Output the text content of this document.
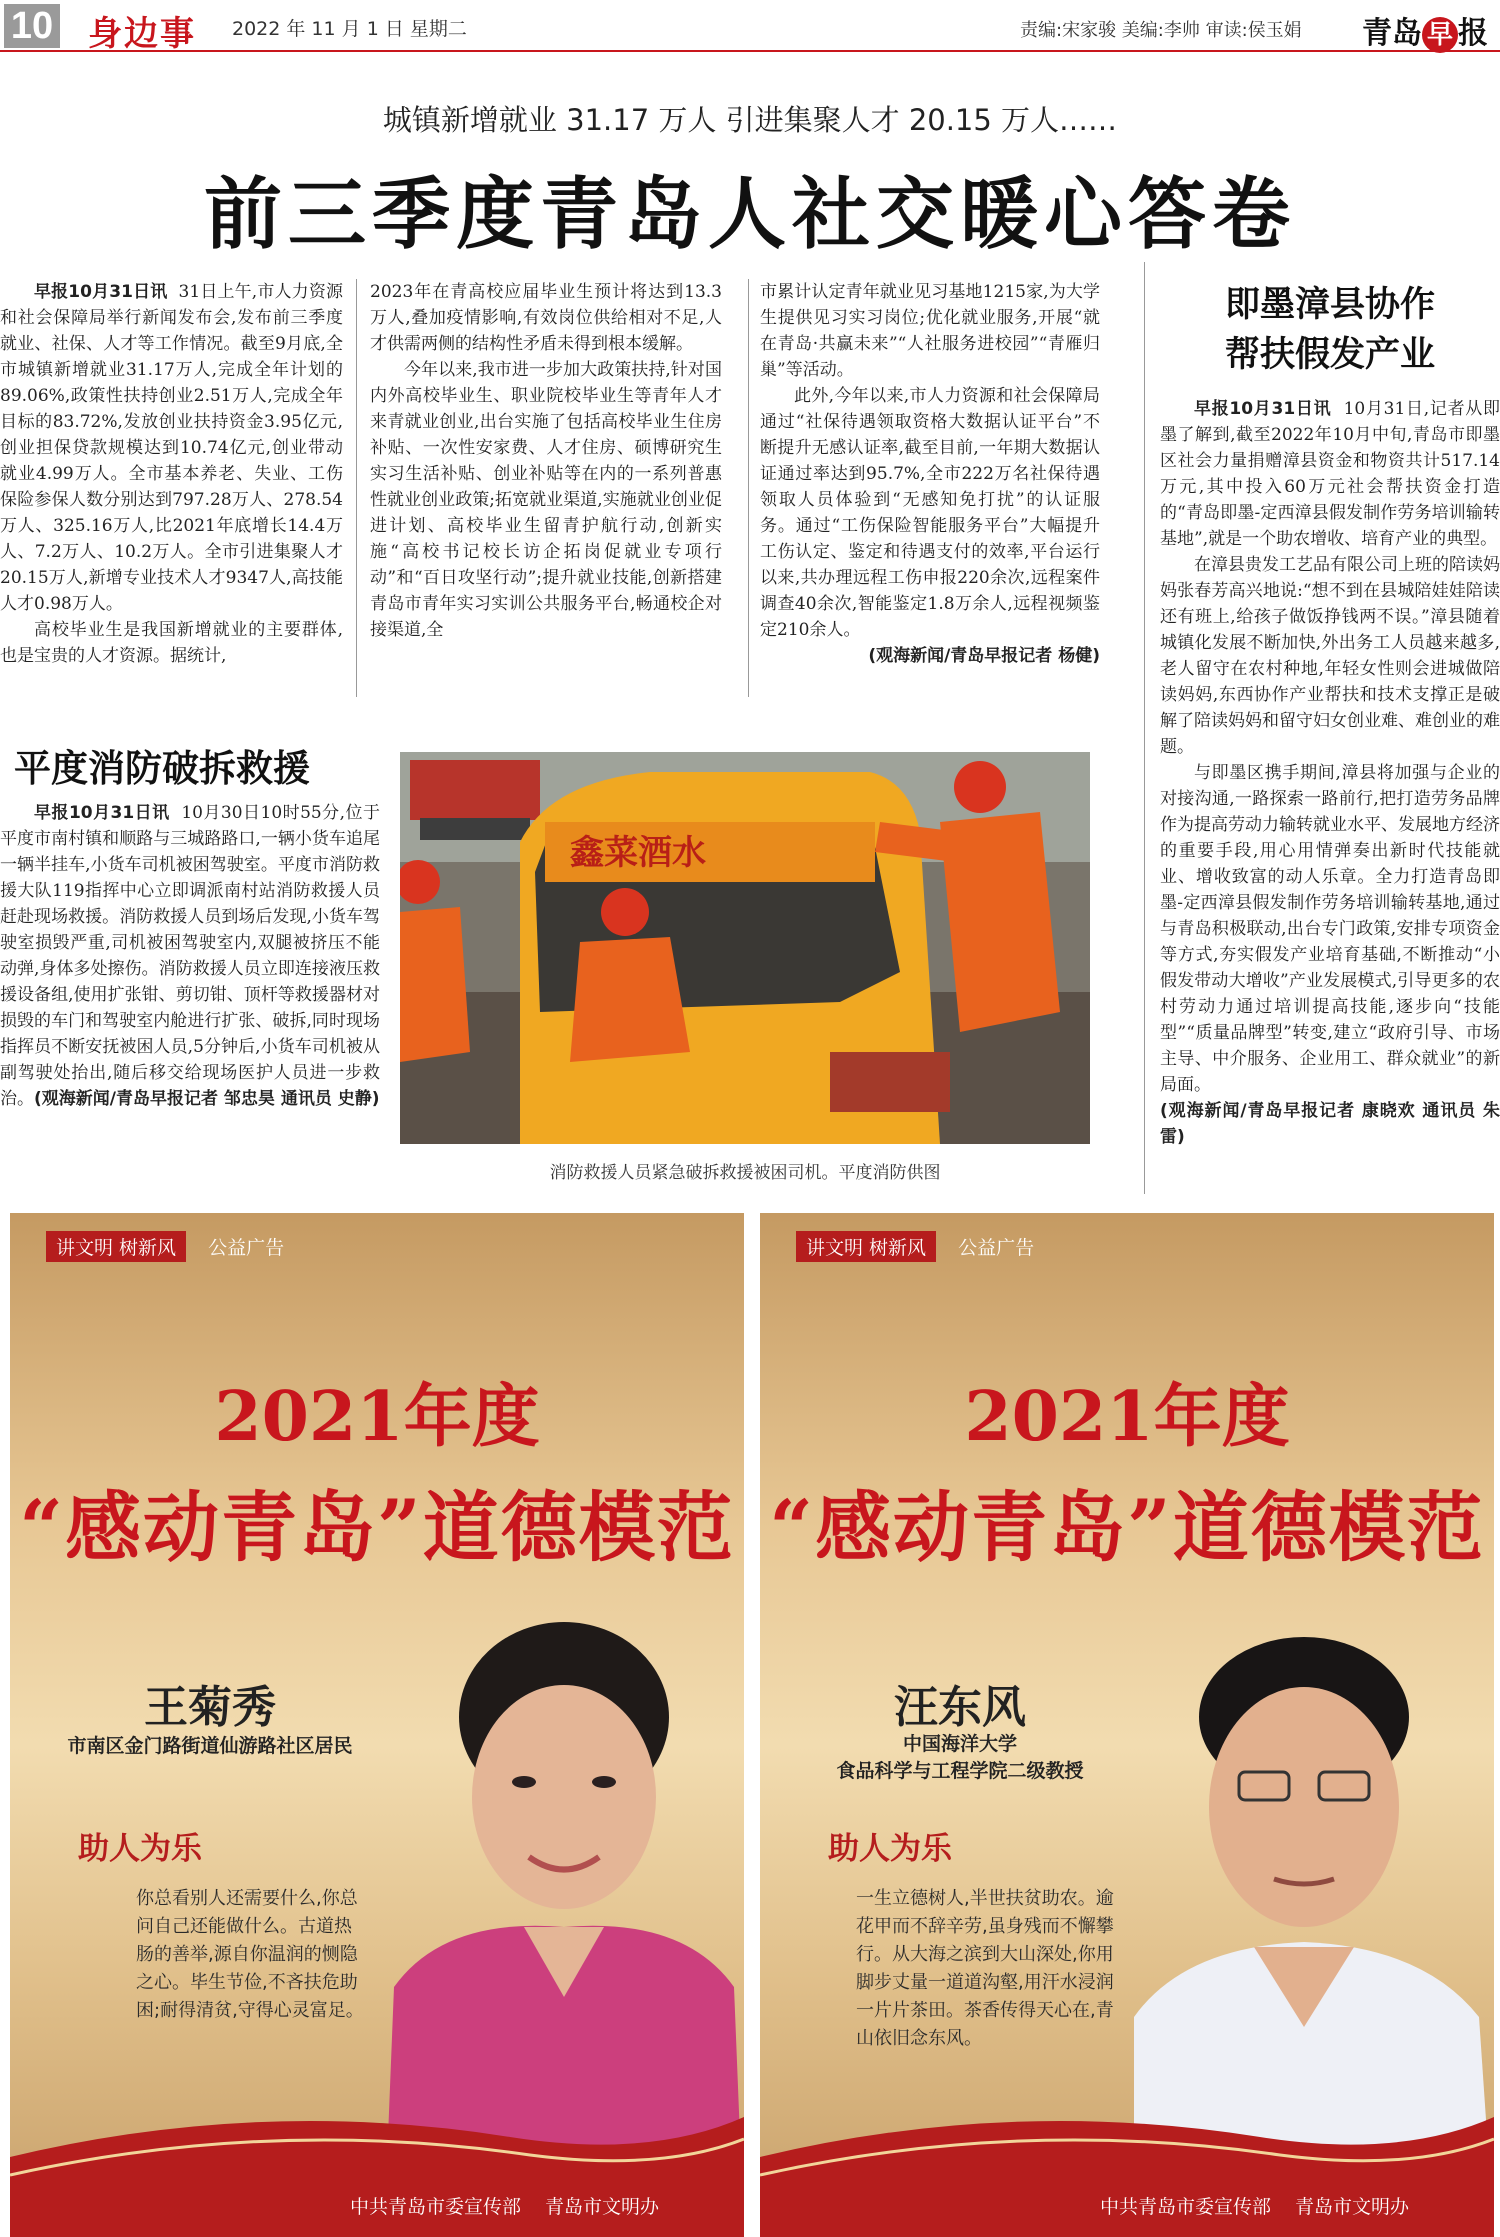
10 身边事 2022 年 11 月 1 日 星期二	责编:宋家骏 美编:李帅 审读:侯玉娟 青岛 早 报
城镇新增就业 31.17 万人 引进集聚人才 20.15 万人……
前三季度青岛人社交暖心答卷

早报10月31日讯 31日上午,市人力资源和社会保障局举行新闻发布会,发布前三季度就业、社保、人才等工作情况。截至9月底,全市城镇新增就业31.17万人,完成全年计划的89.06%,政策性扶持创业2.51万人,完成全年目标的83.72%,发放创业扶持资金3.95亿元,创业担保贷款规模达到10.74亿元,创业带动就业4.99万人。全市基本养老、失业、工伤保险参保人数分别达到797.28万人、278.54万人、325.16万人,比2021年底增长14.4万人、7.2万人、10.2万人。全市引进集聚人才20.15万人,新增专业技术人才9347人,高技能人才0.98万人。

高校毕业生是我国新增就业的主要群体,也是宝贵的人才资源。据统计,

2023年在青高校应届毕业生预计将达到13.3万人,叠加疫情影响,有效岗位供给相对不足,人才供需两侧的结构性矛盾未得到根本缓解。

今年以来,我市进一步加大政策扶持,针对国内外高校毕业生、职业院校毕业生等青年人才来青就业创业,出台实施了包括高校毕业生住房补贴、一次性安家费、人才住房、硕博研究生实习生活补贴、创业补贴等在内的一系列普惠性就业创业政策;拓宽就业渠道,实施就业创业促进计划、高校毕业生留青护航行动,创新实施“高校书记校长访企拓岗促就业专项行动”和“百日攻坚行动”;提升就业技能,创新搭建青岛市青年实习实训公共服务平台,畅通校企对接渠道,全

市累计认定青年就业见习基地1215家,为大学生提供见习实习岗位;优化就业服务,开展“就在青岛·共赢未来”“人社服务进校园”“青雁归巢”等活动。

此外,今年以来,市人力资源和社会保障局通过“社保待遇领取资格大数据认证平台”不断提升无感认证率,截至目前,一年期大数据认证通过率达到95.7%,全市222万名社保待遇领取人员体验到“无感知免打扰”的认证服务。通过“工伤保险智能服务平台”大幅提升工伤认定、鉴定和待遇支付的效率,平台运行以来,共办理远程工伤申报220余次,远程案件调查40余次,智能鉴定1.8万余人,远程视频鉴定210余人。

(观海新闻/青岛早报记者 杨健)

即墨漳县协作
帮扶假发产业

早报10月31日讯 10月31日,记者从即墨了解到,截至2022年10月中旬,青岛市即墨区社会力量捐赠漳县资金和物资共计517.14万元,其中投入60万元社会帮扶资金打造的“青岛即墨-定西漳县假发制作劳务培训输转基地”,就是一个助农增收、培育产业的典型。

在漳县贵发工艺品有限公司上班的陪读妈妈张春芳高兴地说:“想不到在县城陪娃娃陪读还有班上,给孩子做饭挣钱两不误。”漳县随着城镇化发展不断加快,外出务工人员越来越多,老人留守在农村种地,年轻女性则会进城做陪读妈妈,东西协作产业帮扶和技术支撑正是破解了陪读妈妈和留守妇女创业难、难创业的难题。

与即墨区携手期间,漳县将加强与企业的对接沟通,一路探索一路前行,把打造劳务品牌作为提高劳动力输转就业水平、发展地方经济的重要手段,用心用情弹奏出新时代技能就业、增收致富的动人乐章。全力打造青岛即墨-定西漳县假发制作劳务培训输转基地,通过与青岛积极联动,出台专门政策,安排专项资金等方式,夯实假发产业培育基础,不断推动“小假发带动大增收”产业发展模式,引导更多的农村劳动力通过培训提高技能,逐步向“技能型”“质量品牌型”转变,建立“政府引导、市场主导、中介服务、企业用工、群众就业”的新局面。

(观海新闻/青岛早报记者 康晓欢 通讯员 朱雷)

平度消防破拆救援

早报10月31日讯 10月30日10时55分,位于平度市南村镇和顺路与三城路路口,一辆小货车追尾一辆半挂车,小货车司机被困驾驶室。平度市消防救援大队119指挥中心立即调派南村站消防救援人员赶赴现场救援。消防救援人员到场后发现,小货车驾驶室损毁严重,司机被困驾驶室内,双腿被挤压不能动弹,身体多处擦伤。消防救援人员立即连接液压救援设备组,使用扩张钳、剪切钳、顶杆等救援器材对损毁的车门和驾驶室内舱进行扩张、破拆,同时现场指挥员不断安抚被困人员,5分钟后,小货车司机被从副驾驶处抬出,随后移交给现场医护人员进一步救治。(观海新闻/青岛早报记者 邹忠昊 通讯员 史静)

鑫菜酒水
消防救援人员紧急破拆救援被困司机。平度消防供图
讲文明 树新风 公益广告
2021年度
“感动青岛”道德模范
王菊秀
市南区金门路街道仙游路社区居民
助人为乐
你总看别人还需要什么,你总问自己还能做什么。古道热肠的善举,源自你温润的恻隐之心。毕生节俭,不吝扶危助困;耐得清贫,守得心灵富足。
中共青岛市委宣传部 青岛市文明办
讲文明 树新风 公益广告
2021年度
“感动青岛”道德模范
汪东风
中国海洋大学
食品科学与工程学院二级教授
助人为乐
一生立德树人,半世扶贫助农。逾花甲而不辞辛劳,虽身残而不懈攀行。从大海之滨到大山深处,你用脚步丈量一道道沟壑,用汗水浸润一片片茶田。茶香传得天心在,青山依旧念东风。
中共青岛市委宣传部 青岛市文明办
